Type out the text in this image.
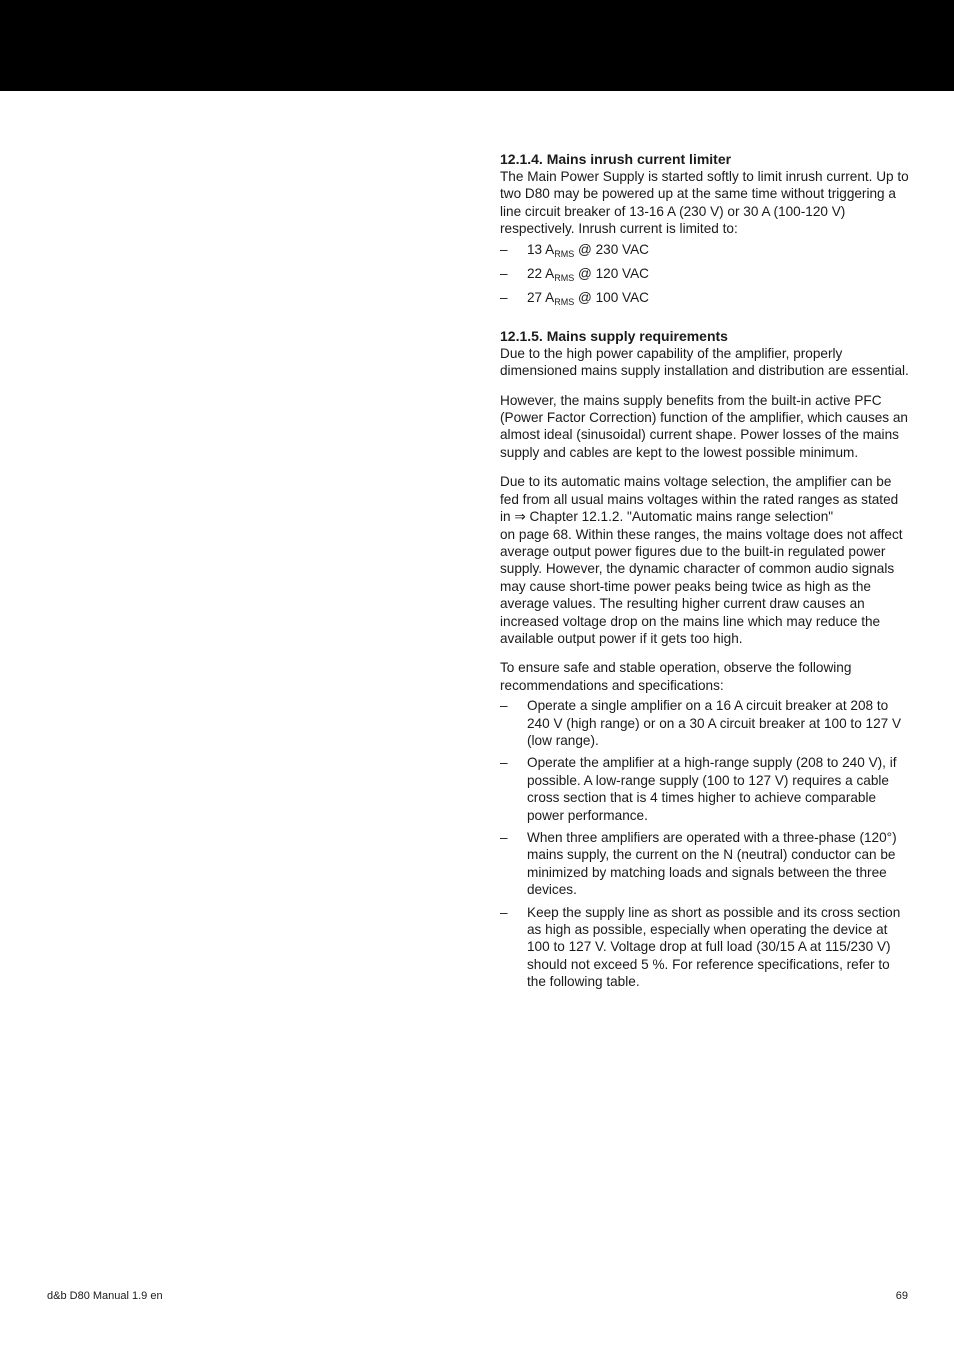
12.1.4. Mains inrush current limiter

The Main Power Supply is started softly to limit inrush current. Up to two D80 may be powered up at the same time without triggering a line circuit breaker of 13-16 A (230 V) or 30 A (100-120 V) respectively. Inrush current is limited to:

– 13 $A_{RMS}$ @ 230 VAC
– 22 $A_{RMS}$ @ 120 VAC
– 27 $A_{RMS}$ @ 100 VAC
12.1.5. Mains supply requirements

Due to the high power capability of the amplifier, properly dimensioned mains supply installation and distribution are essential.

However, the mains supply benefits from the built-in active PFC (Power Factor Correction) function of the amplifier, which causes an almost ideal (sinusoidal) current shape. Power losses of the mains supply and cables are kept to the lowest possible minimum.

Due to its automatic mains voltage selection, the amplifier can be fed from all usual mains voltages within the rated ranges as stated in ⇒ Chapter 12.1.2. "Automatic mains range selection"
on page 68. Within these ranges, the mains voltage does not affect average output power figures due to the built-in regulated power supply. However, the dynamic character of common audio signals may cause short-time power peaks being twice as high as the average values. The resulting higher current draw causes an increased voltage drop on the mains line which may reduce the available output power if it gets too high.

To ensure safe and stable operation, observe the following recommendations and specifications:

– Operate a single amplifier on a 16 A circuit breaker at 208 to 240 V (high range) or on a 30 A circuit breaker at 100 to 127 V (low range).
– Operate the amplifier at a high-range supply (208 to 240 V), if possible. A low-range supply (100 to 127 V) requires a cable cross section that is 4 times higher to achieve comparable power performance.
– When three amplifiers are operated with a three-phase (120°) mains supply, the current on the N (neutral) conductor can be minimized by matching loads and signals between the three devices.
– Keep the supply line as short as possible and its cross section as high as possible, especially when operating the device at 100 to 127 V. Voltage drop at full load (30/15 A at 115/230 V) should not exceed 5 %. For reference specifications, refer to the following table.
d&b D80 Manual 1.9 en	69
